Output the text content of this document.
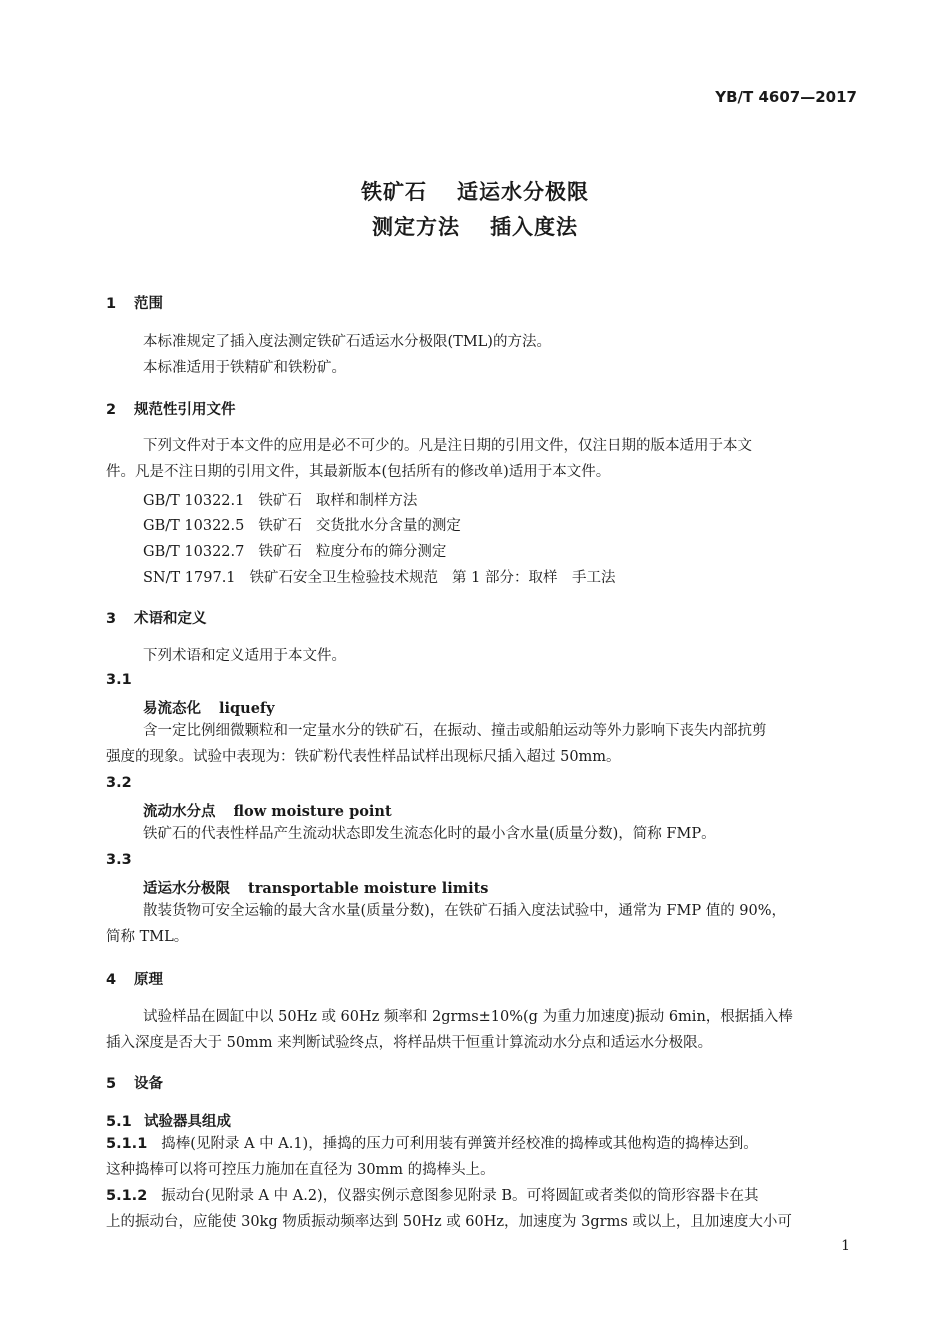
YB/T 4607—2017
铁矿石 适运水分极限
测定方法 插入度法
1 范围
本标准规定了插入度法测定铁矿石适运水分极限(TML)的方法。
本标准适用于铁精矿和铁粉矿。
2 规范性引用文件
下列文件对于本文件的应用是必不可少的。凡是注日期的引用文件，仅注日期的版本适用于本文
件。凡是不注日期的引用文件，其最新版本(包括所有的修改单)适用于本文件。
GB/T 10322.1 铁矿石 取样和制样方法
GB/T 10322.5 铁矿石 交货批水分含量的测定
GB/T 10322.7 铁矿石 粒度分布的筛分测定
SN/T 1797.1 铁矿石安全卫生检验技术规范 第 1 部分：取样　手工法
3 术语和定义
下列术语和定义适用于本文件。
3.1
易流态化 liquefy
含一定比例细微颗粒和一定量水分的铁矿石，在振动、撞击或船舶运动等外力影响下丧失内部抗剪
强度的现象。试验中表现为：铁矿粉代表性样品试样出现标尺插入超过 50mm。
3.2
流动水分点 flow moisture point
铁矿石的代表性样品产生流动状态即发生流态化时的最小含水量(质量分数)，简称 FMP。
3.3
适运水分极限 transportable moisture limits
散装货物可安全运输的最大含水量(质量分数)，在铁矿石插入度法试验中，通常为 FMP 值的 90%，
简称 TML。
4 原理
试验样品在圆缸中以 50Hz 或 60Hz 频率和 2grms±10%(g 为重力加速度)振动 6min，根据插入棒
插入深度是否大于 50mm 来判断试验终点，将样品烘干恒重计算流动水分点和适运水分极限。
5 设备
5.1 试验器具组成
5.1.1 捣棒(见附录 A 中 A.1)，捶捣的压力可利用装有弹簧并经校准的捣棒或其他构造的捣棒达到。
这种捣棒可以将可控压力施加在直径为 30mm 的捣棒头上。
5.1.2 振动台(见附录 A 中 A.2)，仪器实例示意图参见附录 B。可将圆缸或者类似的筒形容器卡在其
上的振动台，应能使 30kg 物质振动频率达到 50Hz 或 60Hz，加速度为 3grms 或以上，且加速度大小可
1
